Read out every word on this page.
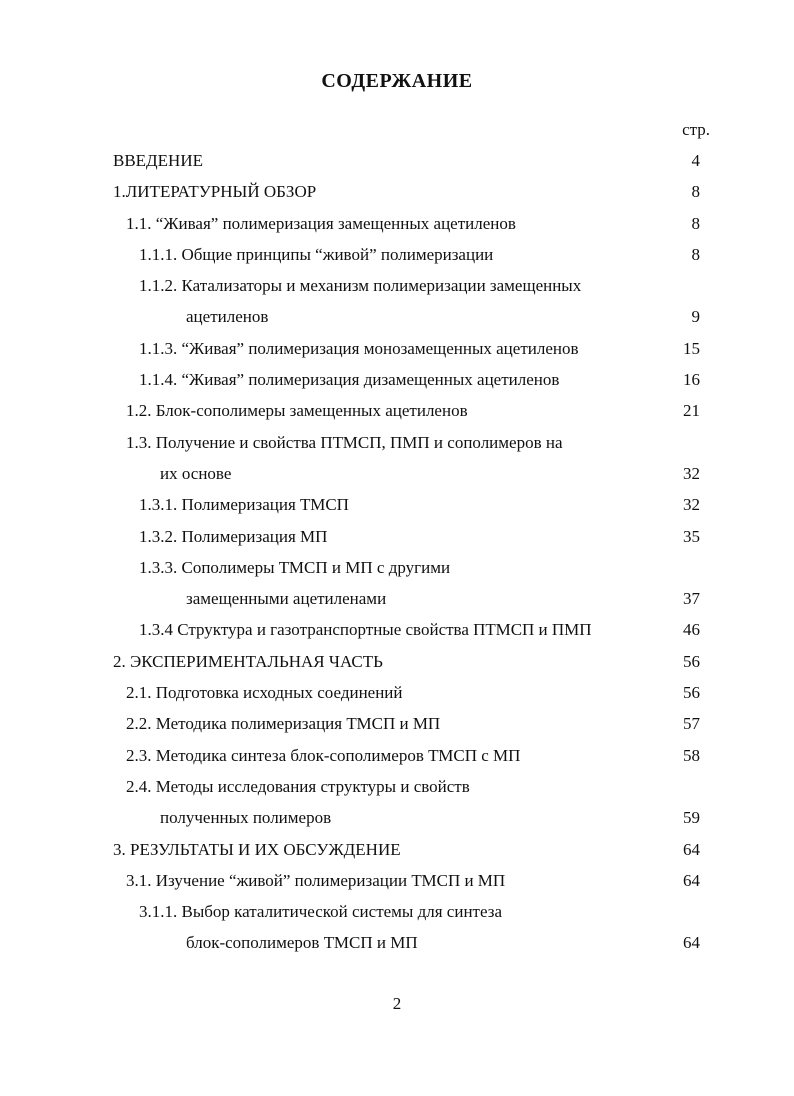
СОДЕРЖАНИЕ
стр.
ВВЕДЕНИЕ	4
1.ЛИТЕРАТУРНЫЙ ОБЗОР	8
1.1. “Живая” полимеризация замещенных ацетиленов	8
1.1.1. Общие принципы “живой” полимеризации	8
1.1.2. Катализаторы и механизм полимеризации замещенных
ацетиленов	9
1.1.3. “Живая” полимеризация монозамещенных ацетиленов	15
1.1.4. “Живая” полимеризация дизамещенных ацетиленов	16
1.2. Блок-сополимеры замещенных ацетиленов	21
1.3. Получение и свойства ПТМСП, ПМП и сополимеров на
их основе	32
1.3.1. Полимеризация ТМСП	32
1.3.2. Полимеризация МП	35
1.3.3. Сополимеры ТМСП и МП с другими
замещенными ацетиленами	37
1.3.4 Структура и газотранспортные свойства ПТМСП и ПМП	46
2. ЭКСПЕРИМЕНТАЛЬНАЯ ЧАСТЬ	56
2.1. Подготовка исходных соединений	56
2.2. Методика полимеризация ТМСП и МП	57
2.3. Методика синтеза блок-сополимеров ТМСП с МП	58
2.4. Методы исследования структуры и свойств
полученных полимеров	59
3. РЕЗУЛЬТАТЫ И ИХ ОБСУЖДЕНИЕ	64
3.1. Изучение “живой” полимеризации ТМСП и МП	64
3.1.1. Выбор каталитической системы для синтеза
блок-сополимеров ТМСП и МП	64
2
